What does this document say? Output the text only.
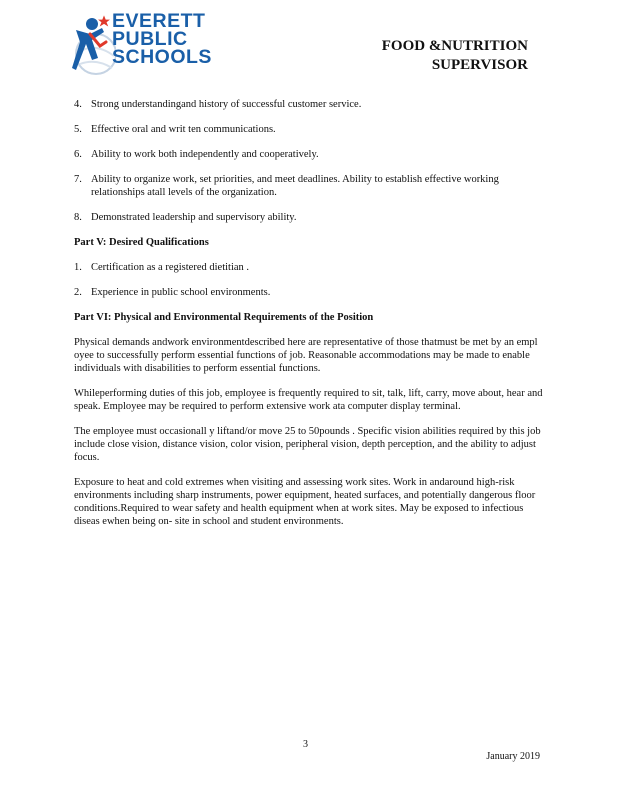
EVERETT
PUBLIC
SCHOOLS	FOOD &NUTRITION
SUPERVISOR
4. Strong understandingand history of successful customer service.
5. Effective oral and writ ten communications.
6. Ability to work both independently and cooperatively.
7. Ability to organize work, set priorities, and meet deadlines. Ability to establish effective working relationships atall levels of the organization.
8. Demonstrated leadership and supervisory ability.
Part V: Desired Qualifications
1. Certification as a registered dietitian .
2. Experience in public school environments.
Part VI: Physical and Environmental Requirements of the Position
Physical demands andwork environmentdescribed here are representative of those thatmust be met by an empl oyee to successfully perform essential functions of job. Reasonable accommodations may be made to enable individuals with disabilities to perform essential functions.
Whileperforming duties of this job, employee is frequently required to sit, talk, lift, carry, move about, hear and speak. Employee may be required to perform extensive work ata computer display terminal.
The employee must occasionall y liftand/or move 25 to 50pounds . Specific vision abilities required by this job include close vision, distance vision, color vision, peripheral vision, depth perception, and the ability to adjust focus.
Exposure to heat and cold extremes when visiting and assessing work sites. Work in andaround high-risk environments including sharp instruments, power equipment, heated surfaces, and potentially dangerous floor conditions.Required to wear safety and health equipment when at work sites. May be exposed to infectious diseas ewhen being on- site in school and student environments.
3
January 2019
